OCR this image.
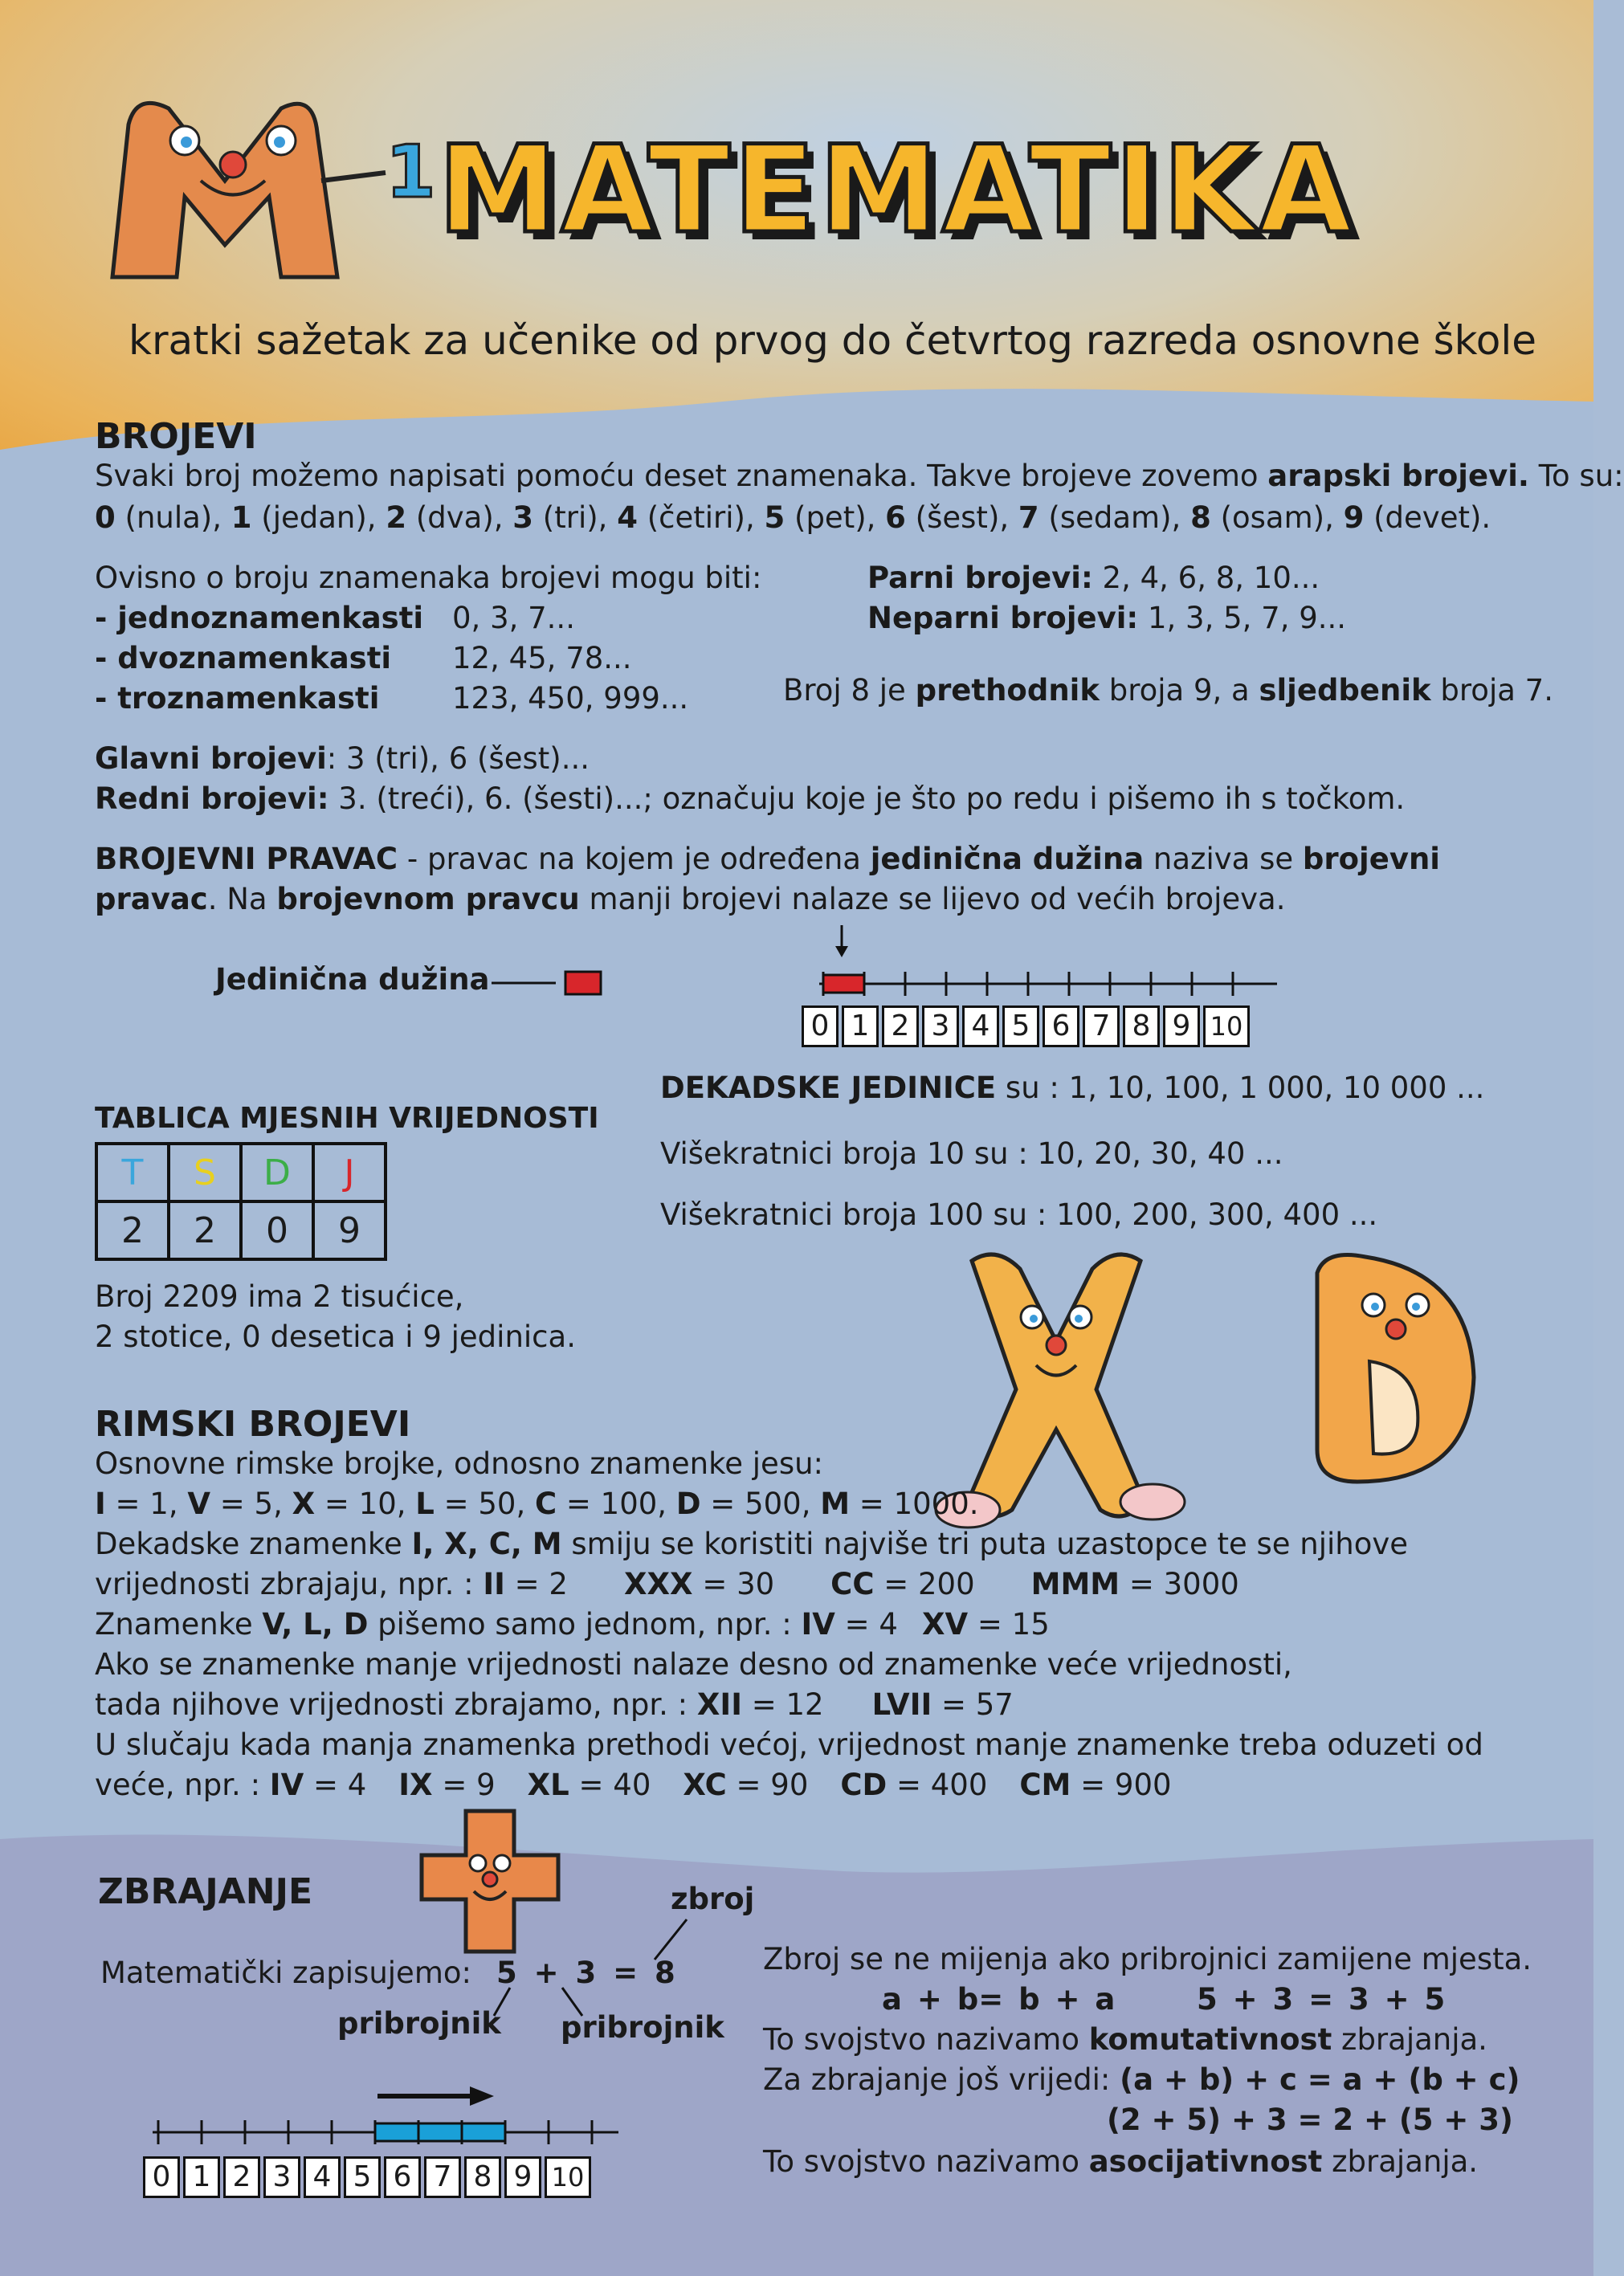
1 MATEMATIKA
kratki sažetak za učenike od prvog do četvrtog razreda osnovne škole
BROJEVI
Svaki broj možemo napisati pomoću deset znamenaka. Takve brojeve zovemo arapski brojevi. To su:
0 (nula), 1 (jedan), 2 (dva), 3 (tri), 4 (četiri), 5 (pet), 6 (šest), 7 (sedam), 8 (osam), 9 (devet).
Ovisno o broju znamenaka brojevi mogu biti:
- jednoznamenkasti 0, 3, 7...
- dvoznamenkasti 12, 45, 78...
- troznamenkasti 123, 450, 999...
Parni brojevi: 2, 4, 6, 8, 10...
Neparni brojevi: 1, 3, 5, 7, 9...
Broj 8 je prethodnik broja 9, a sljedbenik broja 7.
Glavni brojevi: 3 (tri), 6 (šest)...
Redni brojevi: 3. (treći), 6. (šesti)...; označuju koje je što po redu i pišemo ih s točkom.
BROJEVNI PRAVAC - pravac na kojem je određena jedinična dužina naziva se brojevni
pravac. Na brojevnom pravcu manji brojevi nalaze se lijevo od većih brojeva.
Jedinična dužina
0 1 2 3 4 5 6 7 8 9 10
TABLICA MJESNIH VRIJEDNOSTI
T	S	D	J
2	2	0	9
Broj 2209 ima 2 tisućice,
2 stotice, 0 desetica i 9 jedinica.
DEKADSKE JEDINICE su : 1, 10, 100, 1 000, 10 000 ...
Višekratnici broja 10 su : 10, 20, 30, 40 ...
Višekratnici broja 100 su : 100, 200, 300, 400 ...
RIMSKI BROJEVI
Osnovne rimske brojke, odnosno znamenke jesu:
I = 1, V = 5, X = 10, L = 50, C = 100, D = 500, M = 1000.
Dekadske znamenke I, X, C, M smiju se koristiti najviše tri puta uzastopce te se njihove
vrijednosti zbrajaju, npr. : II = 2 XXX = 30 CC = 200 MMM = 3000
Znamenke V, L, D pišemo samo jednom, npr. : IV = 4 XV = 15
Ako se znamenke manje vrijednosti nalaze desno od znamenke veće vrijednosti,
tada njihove vrijednosti zbrajamo, npr. : XII = 12 LVII = 57
U slučaju kada manja znamenka prethodi većoj, vrijednost manje znamenke treba oduzeti od
veće, npr. : IV = 4 IX = 9 XL = 40 XC = 90 CD = 400 CM = 900
ZBRAJANJE	zbroj
Matematički zapisujemo: 5 + 3 = 8
pribrojnik pribrojnik
Zbroj se ne mijenja ako pribrojnici zamijene mjesta.
a + b= b + a	5 + 3 = 3 + 5
To svojstvo nazivamo komutativnost zbrajanja.
Za zbrajanje još vrijedi: (a + b) + c = a + (b + c)
(2 + 5) + 3 = 2 + (5 + 3)
To svojstvo nazivamo asocijativnost zbrajanja.
0 1 2 3 4 5 6 7 8 9 10
